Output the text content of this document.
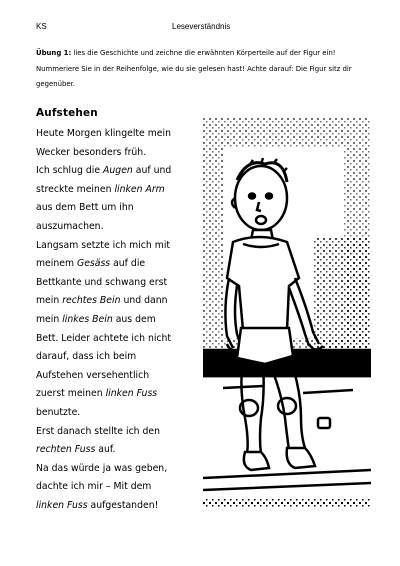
KS	Leseverständnis
Übung 1: lies die Geschichte und zeichne die erwähnten Körperteile auf der Figur ein! Nummeriere Sie in der Reihenfolge, wie du sie gelesen hast! Achte darauf: Die Figur sitz dir gegenüber.
Aufstehen
Heute Morgen klingelte mein
Wecker besonders früh.
Ich schlug die Augen auf und
streckte meinen linken Arm
aus dem Bett um ihn
auszumachen.
Langsam setzte ich mich mit
meinem Gesäss auf die
Bettkante und schwang erst
mein rechtes Bein und dann
mein linkes Bein aus dem
Bett. Leider achtete ich nicht
darauf, dass ich beim
Aufstehen versehentlich
zuerst meinen linken Fuss
benutzte.
Erst danach stellte ich den
rechten Fuss auf.
Na das würde ja was geben,
dachte ich mir – Mit dem
linken Fuss aufgestanden!
